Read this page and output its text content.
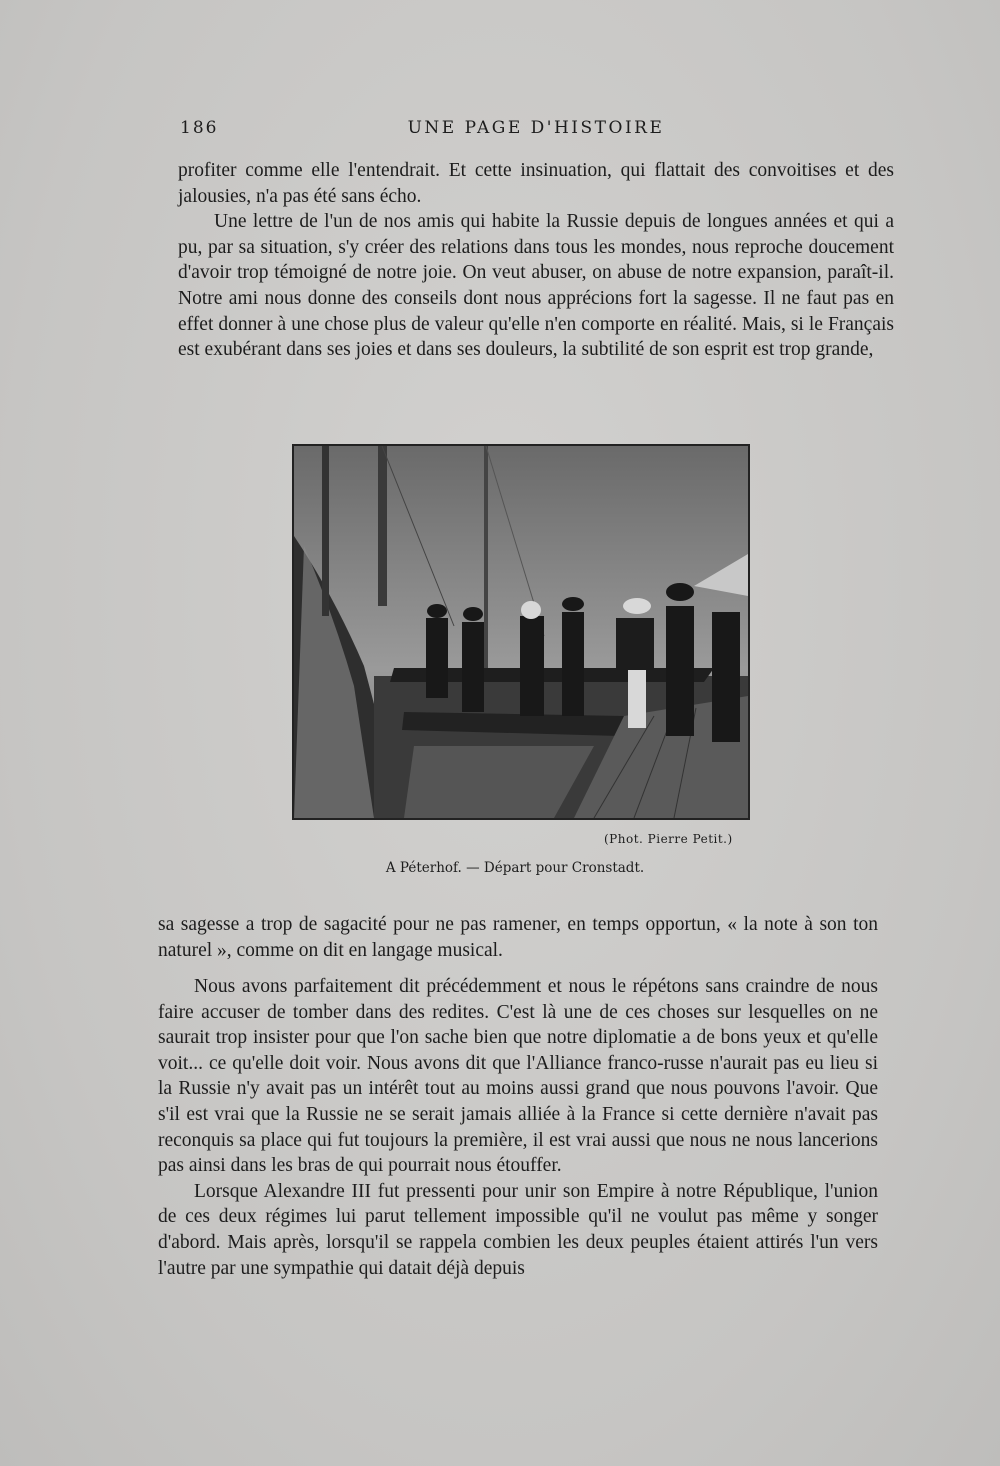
186	UNE PAGE D'HISTOIRE

profiter comme elle l'entendrait. Et cette insinuation, qui flattait des convoitises et des jalousies, n'a pas été sans écho.

Une lettre de l'un de nos amis qui habite la Russie depuis de longues années et qui a pu, par sa situation, s'y créer des relations dans tous les mondes, nous reproche doucement d'avoir trop témoigné de notre joie. On veut abuser, on abuse de notre expansion, paraît-il. Notre ami nous donne des conseils dont nous apprécions fort la sagesse. Il ne faut pas en effet donner à une chose plus de valeur qu'elle n'en comporte en réalité. Mais, si le Français est exubérant dans ses joies et dans ses douleurs, la subtilité de son esprit est trop grande,

(Phot. Pierre Petit.)
A Péterhof. — Départ pour Cronstadt.

sa sagesse a trop de sagacité pour ne pas ramener, en temps opportun, « la note à son ton naturel », comme on dit en langage musical.

Nous avons parfaitement dit précédemment et nous le répétons sans craindre de nous faire accuser de tomber dans des redites. C'est là une de ces choses sur lesquelles on ne saurait trop insister pour que l'on sache bien que notre diplomatie a de bons yeux et qu'elle voit... ce qu'elle doit voir. Nous avons dit que l'Alliance franco-russe n'aurait pas eu lieu si la Russie n'y avait pas un intérêt tout au moins aussi grand que nous pouvons l'avoir. Que s'il est vrai que la Russie ne se serait jamais alliée à la France si cette dernière n'avait pas reconquis sa place qui fut toujours la première, il est vrai aussi que nous ne nous lancerions pas ainsi dans les bras de qui pourrait nous étouffer.

Lorsque Alexandre III fut pressenti pour unir son Empire à notre République, l'union de ces deux régimes lui parut tellement impossible qu'il ne voulut pas même y songer d'abord. Mais après, lorsqu'il se rappela combien les deux peuples étaient attirés l'un vers l'autre par une sympathie qui datait déjà depuis
